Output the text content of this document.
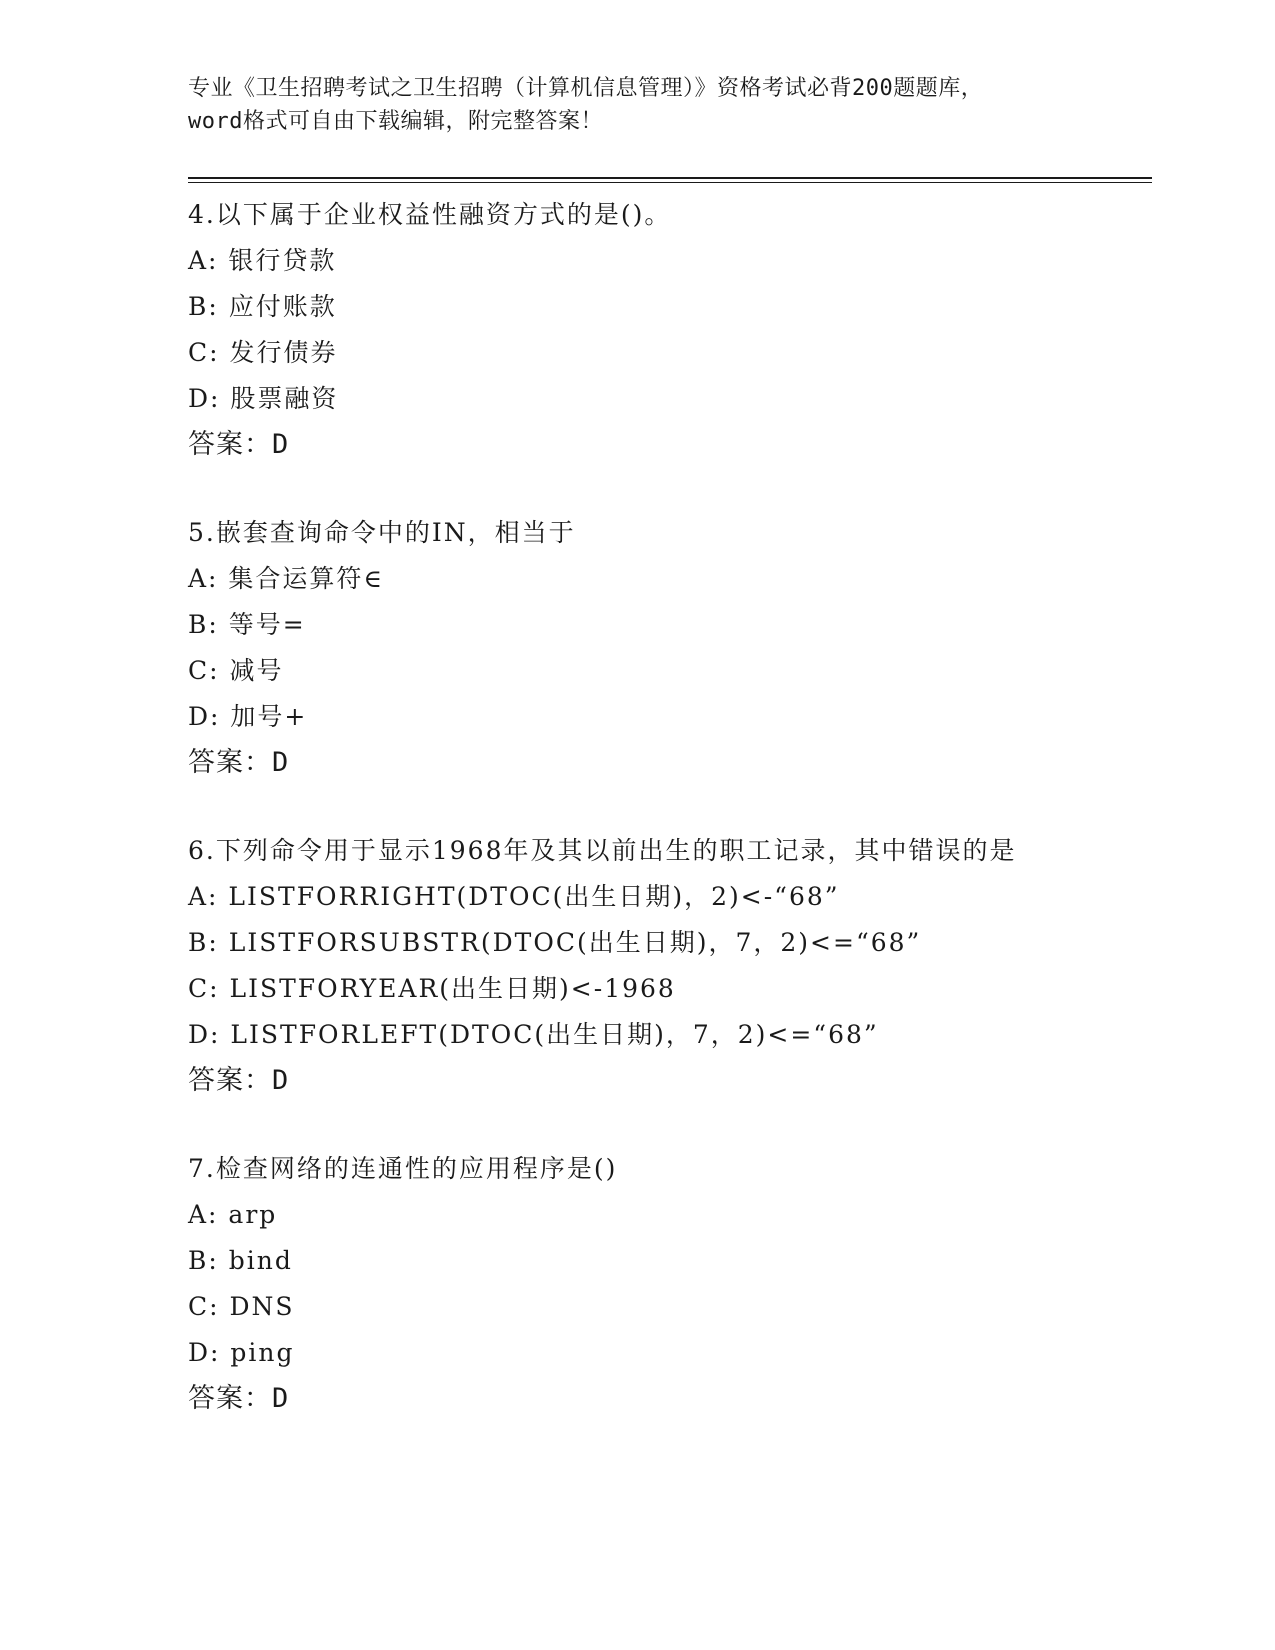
专业《卫生招聘考试之卫生招聘（计算机信息管理）》资格考试必背200题题库，
word格式可自由下载编辑，附完整答案！
4.以下属于企业权益性融资方式的是()。
A: 银行贷款
B: 应付账款
C: 发行债券
D: 股票融资
答案：D
5.嵌套查询命令中的IN，相当于
A: 集合运算符∈
B: 等号=
C: 减号
D: 加号+
答案：D
6.下列命令用于显示1968年及其以前出生的职工记录，其中错误的是
A: LISTFORRIGHT(DTOC(出生日期)，2)<-“68”
B: LISTFORSUBSTR(DTOC(出生日期)，7，2)<=“68”
C: LISTFORYEAR(出生日期)<-1968
D: LISTFORLEFT(DTOC(出生日期)，7，2)<=“68”
答案：D
7.检查网络的连通性的应用程序是()
A: arp
B: bind
C: DNS
D: ping
答案：D
